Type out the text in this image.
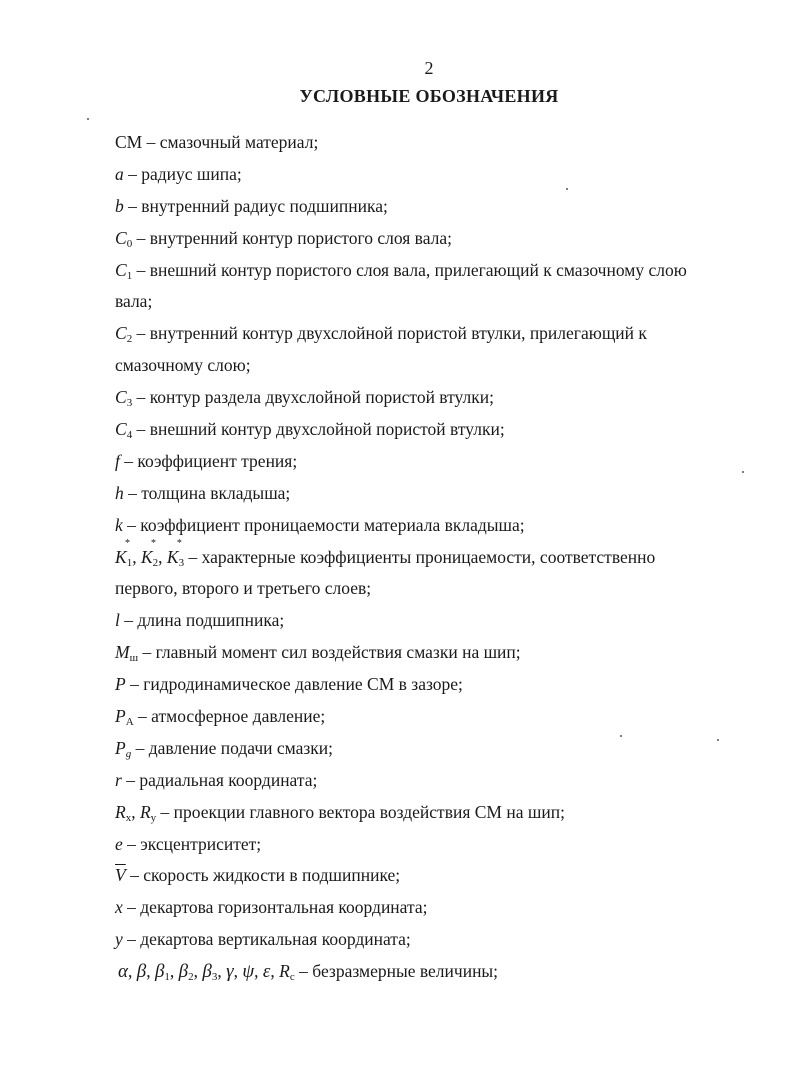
2
УСЛОВНЫЕ ОБОЗНАЧЕНИЯ
СМ – смазочный материал;
a – радиус шипа;
b – внутренний радиус подшипника;
$C_0$ – внутренний контур пористого слоя вала;
$C_1$ – внешний контур пористого слоя вала, прилегающий к смазочному слою
вала;
$C_2$ – внутренний контур двухслойной пористой втулки, прилегающий к
смазочному слою;
$C_3$ – контур раздела двухслойной пористой втулки;
$C_4$ – внешний контур двухслойной пористой втулки;
f – коэффициент трения;
h – толщина вкладыша;
k – коэффициент проницаемости материала вкладыша;
K
*
$_1$, K
*
$_2$, K
*
$_3$ – характерные коэффициенты проницаемости, соответственно
первого, второго и третьего слоев;
l – длина подшипника;
$M_ш$ – главный момент сил воздействия смазки на шип;
P – гидродинамическое давление СМ в зазоре;
$P_A$ – атмосферное давление;
$P_g$ – давление подачи смазки;
r – радиальная координата;
$R_x$, $R_y$ – проекции главного вектора воздействия СМ на шип;
e – эксцентриситет;
$\overline{V}$ – скорость жидкости в подшипнике;
x – декартова горизонтальная координата;
y – декартова вертикальная координата;
α, β, $\beta_1$, $\beta_2$, $\beta_3$, γ, ψ, ε, $R_c$ – безразмерные величины;
